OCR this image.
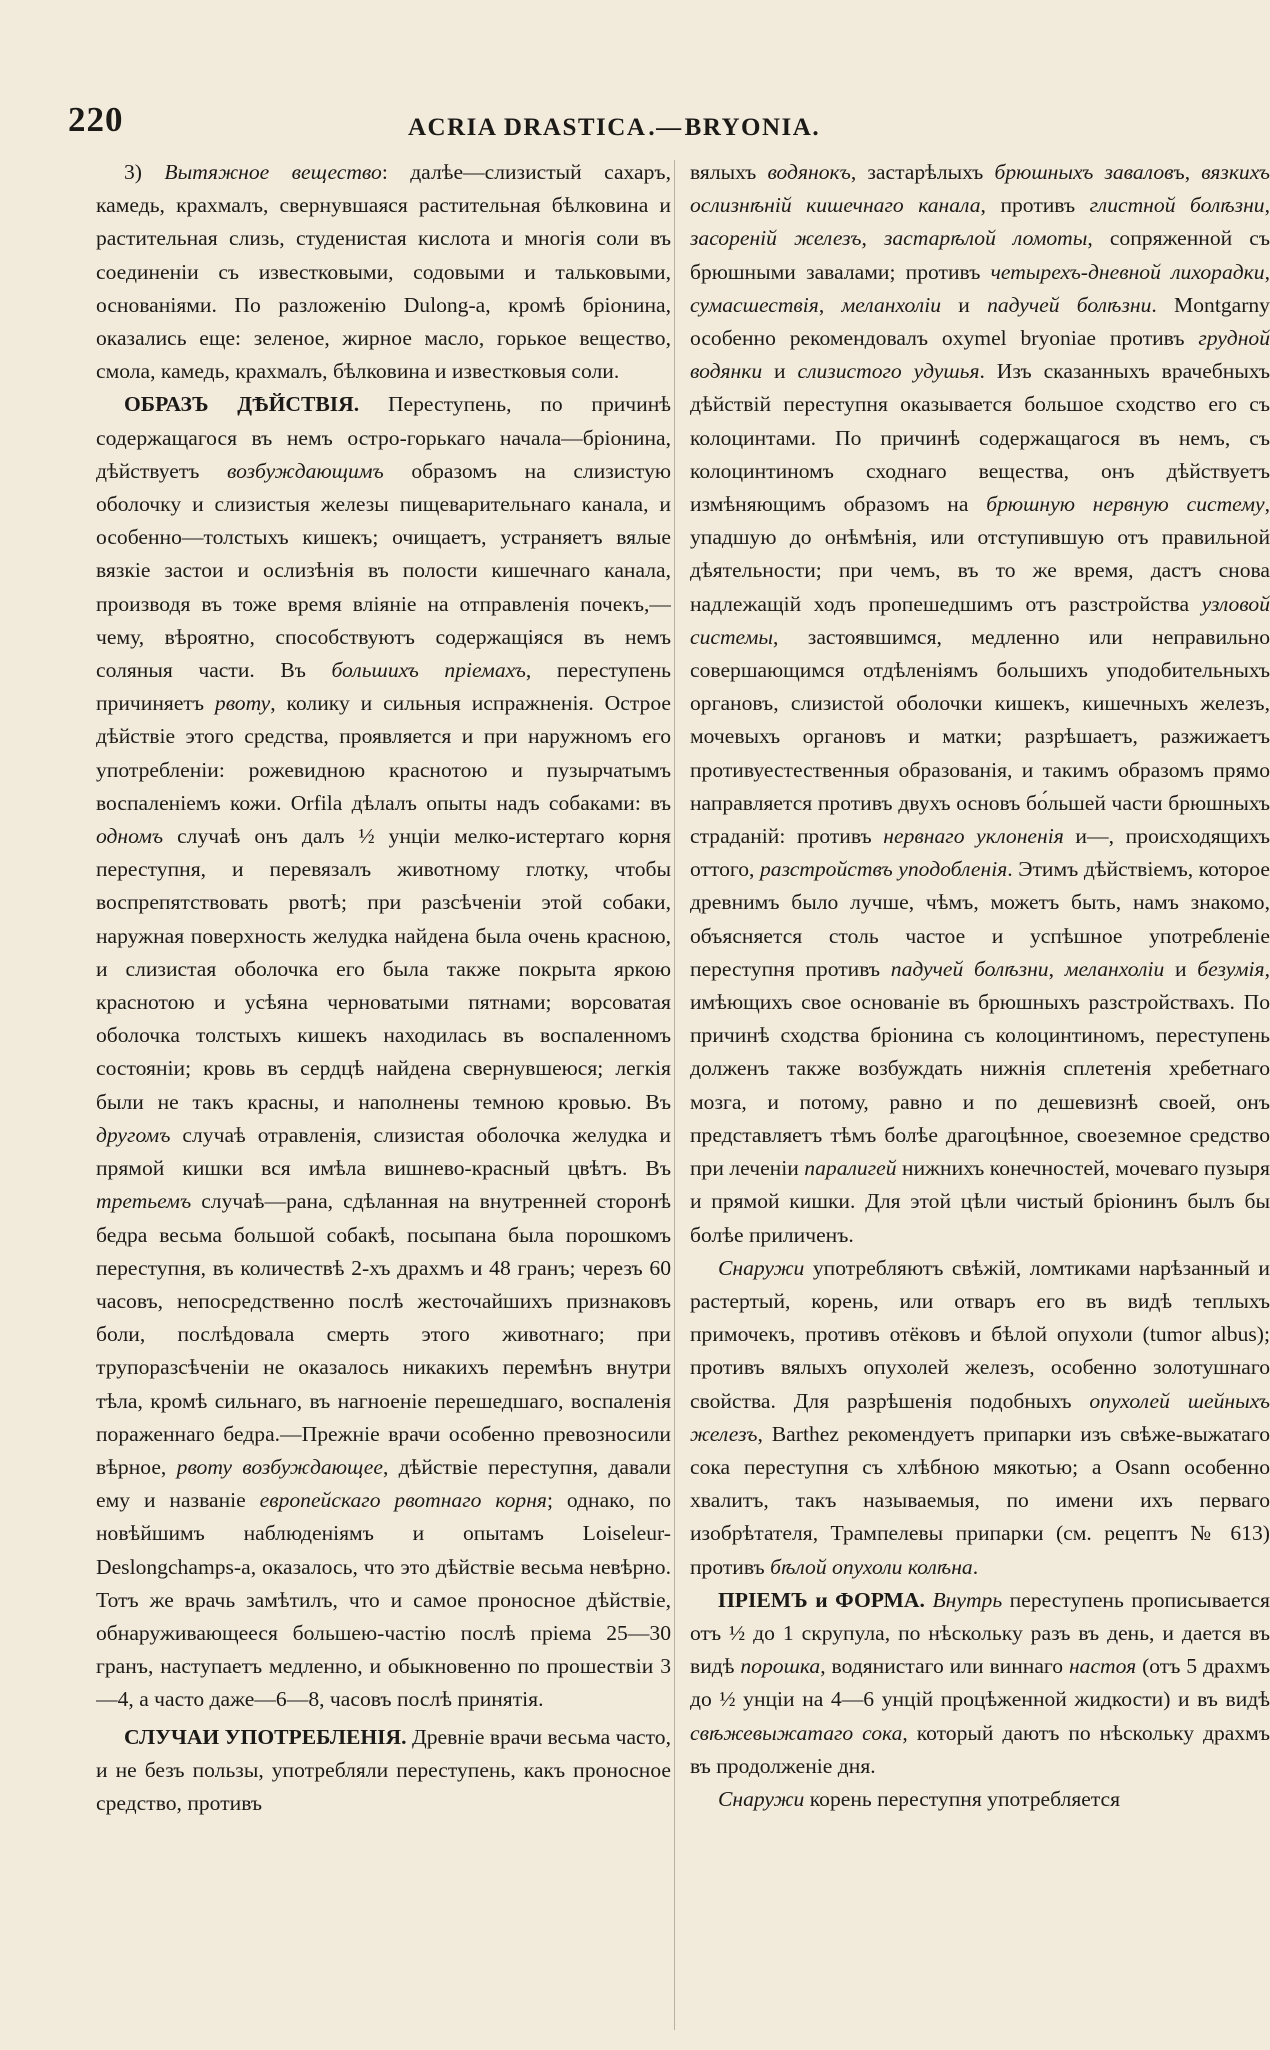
220	ACRIA DRASTICA.—BRYONIA.

3) Вытяжное вещество: далѣе—слизистый сахаръ, камедь, крахмалъ, свернувшаяся растительная бѣлковина и растительная слизь, студенистая кислота и многія соли въ соединеніи съ известковыми, содовыми и тальковыми, основаніями. По разложенію Dulong-а, кромѣ бріонина, оказались еще: зеленое, жирное масло, горькое вещество, смола, камедь, крахмалъ, бѣлковина и известковыя соли.

ОБРАЗЪ ДѢЙСТВІЯ. Переступень, по причинѣ содержащагося въ немъ остро-горькаго начала—бріонина, дѣйствуетъ возбуждающимъ образомъ на слизистую оболочку и слизистыя железы пищеварительнаго канала, и особенно—толстыхъ кишекъ; очищаетъ, устраняетъ вялые вязкіе застои и ослизѣнія въ полости кишечнаго канала, производя въ тоже время вліяніе на отправленія почекъ,—чему, вѣроятно, способствуютъ содержащіяся въ немъ соляныя части. Въ большихъ пріемахъ, переступень причиняетъ рвоту, колику и сильныя испражненія. Острое дѣйствіе этого средства, проявляется и при наружномъ его употребленіи: рожевидною краснотою и пузырчатымъ воспаленіемъ кожи. Orfila дѣлалъ опыты надъ собаками: въ одномъ случаѣ онъ далъ ½ унціи мелко-истертаго корня переступня, и перевязалъ животному глотку, чтобы воспрепятствовать рвотѣ; при разсѣченіи этой собаки, наружная поверхность желудка найдена была очень красною, и слизистая оболочка его была также покрыта яркою краснотою и усѣяна черноватыми пятнами; ворсоватая оболочка толстыхъ кишекъ находилась въ воспаленномъ состояніи; кровь въ сердцѣ найдена свернувшеюся; легкія были не такъ красны, и наполнены темною кровью. Въ другомъ случаѣ отравленія, слизистая оболочка желудка и прямой кишки вся имѣла вишнево-красный цвѣтъ. Въ третьемъ случаѣ—рана, сдѣланная на внутренней сторонѣ бедра весьма большой собакѣ, посыпана была порошкомъ переступня, въ количествѣ 2-хъ драхмъ и 48 гранъ; черезъ 60 часовъ, непосредственно послѣ жесточайшихъ признаковъ боли, послѣдовала смерть этого животнаго; при трупоразсѣченіи не оказалось никакихъ перемѣнъ внутри тѣла, кромѣ сильнаго, въ нагноеніе перешедшаго, воспаленія пораженнаго бедра.—Прежніе врачи особенно превозносили вѣрное, рвоту возбуждающее, дѣйствіе переступня, давали ему и названіе европейскаго рвотнаго корня; однако, по новѣйшимъ наблюденіямъ и опытамъ Loiseleur-Deslongchamps-а, оказалось, что это дѣйствіе весьма невѣрно. Тотъ же врачь замѣтилъ, что и самое проносное дѣйствіе, обнаруживающееся большею-частію послѣ пріема 25—30 гранъ, наступаетъ медленно, и обыкновенно по прошествіи 3—4, а часто даже—6—8, часовъ послѣ принятія.

СЛУЧАИ УПОТРЕБЛЕНІЯ. Древніе врачи весьма часто, и не безъ пользы, употребляли переступень, какъ проносное средство, противъ

вялыхъ водянокъ, застарѣлыхъ брюшныхъ заваловъ, вязкихъ ослизнѣній кишечнаго канала, противъ глистной болѣзни, засореній железъ, застарѣлой ломоты, сопряженной съ брюшными завалами; противъ четырехъ-дневной лихорадки, сумасшествія, меланхоліи и падучей болѣзни. Montgarny особенно рекомендовалъ oxymel bryoniae противъ грудной водянки и слизистого удушья. Изъ сказанныхъ врачебныхъ дѣйствій переступня оказывается большое сходство его съ колоцинтами. По причинѣ содержащагося въ немъ, съ колоцинтиномъ сходнаго вещества, онъ дѣйствуетъ измѣняющимъ образомъ на брюшную нервную систему, упадшую до онѣмѣнія, или отступившую отъ правильной дѣятельности; при чемъ, въ то же время, дастъ снова надлежащій ходъ пропешедшимъ отъ разстройства узловой системы, застоявшимся, медленно или неправильно совершающимся отдѣленіямъ большихъ уподобительныхъ органовъ, слизистой оболочки кишекъ, кишечныхъ железъ, мочевыхъ органовъ и матки; разрѣшаетъ, разжижаетъ противуестественныя образованія, и такимъ образомъ прямо направляется противъ двухъ основъ бо́льшей части брюшныхъ страданій: противъ нервнаго уклоненія и—, происходящихъ оттого, разстройствъ уподобленія. Этимъ дѣйствіемъ, которое древнимъ было лучше, чѣмъ, можетъ быть, намъ знакомо, объясняется столь частое и успѣшное употребленіе переступня противъ падучей болѣзни, меланхоліи и безумія, имѣющихъ свое основаніе въ брюшныхъ разстройствахъ. По причинѣ сходства бріонина съ колоцинтиномъ, переступень долженъ также возбуждать нижнія сплетенія хребетнаго мозга, и потому, равно и по дешевизнѣ своей, онъ представляетъ тѣмъ болѣе драгоцѣнное, своеземное средство при леченіи паралигей нижнихъ конечностей, мочеваго пузыря и прямой кишки. Для этой цѣли чистый бріонинъ былъ бы болѣе приличенъ.

Снаружи употребляютъ свѣжій, ломтиками нарѣзанный и растертый, корень, или отваръ его въ видѣ теплыхъ примочекъ, противъ отёковъ и бѣлой опухоли (tumor albus); противъ вялыхъ опухолей железъ, особенно золотушнаго свойства. Для разрѣшенія подобныхъ опухолей шейныхъ железъ, Barthez рекомендуетъ припарки изъ свѣже-выжатаго сока переступня съ хлѣбною мякотью; а Osann особенно хвалитъ, такъ называемыя, по имени ихъ перваго изобрѣтателя, Трампелевы припарки (см. рецептъ № 613) противъ бѣлой опухоли колѣна.

ПРІЕМЪ и ФОРМА. Внутрь переступень прописывается отъ ½ до 1 скрупула, по нѣскольку разъ въ день, и дается въ видѣ порошка, водянистаго или виннаго настоя (отъ 5 драхмъ до ½ унціи на 4—6 унцій процѣженной жидкости) и въ видѣ свѣжевыжатаго сока, который даютъ по нѣскольку драхмъ въ продолженіе дня.

Снаружи корень переступня употребляется
